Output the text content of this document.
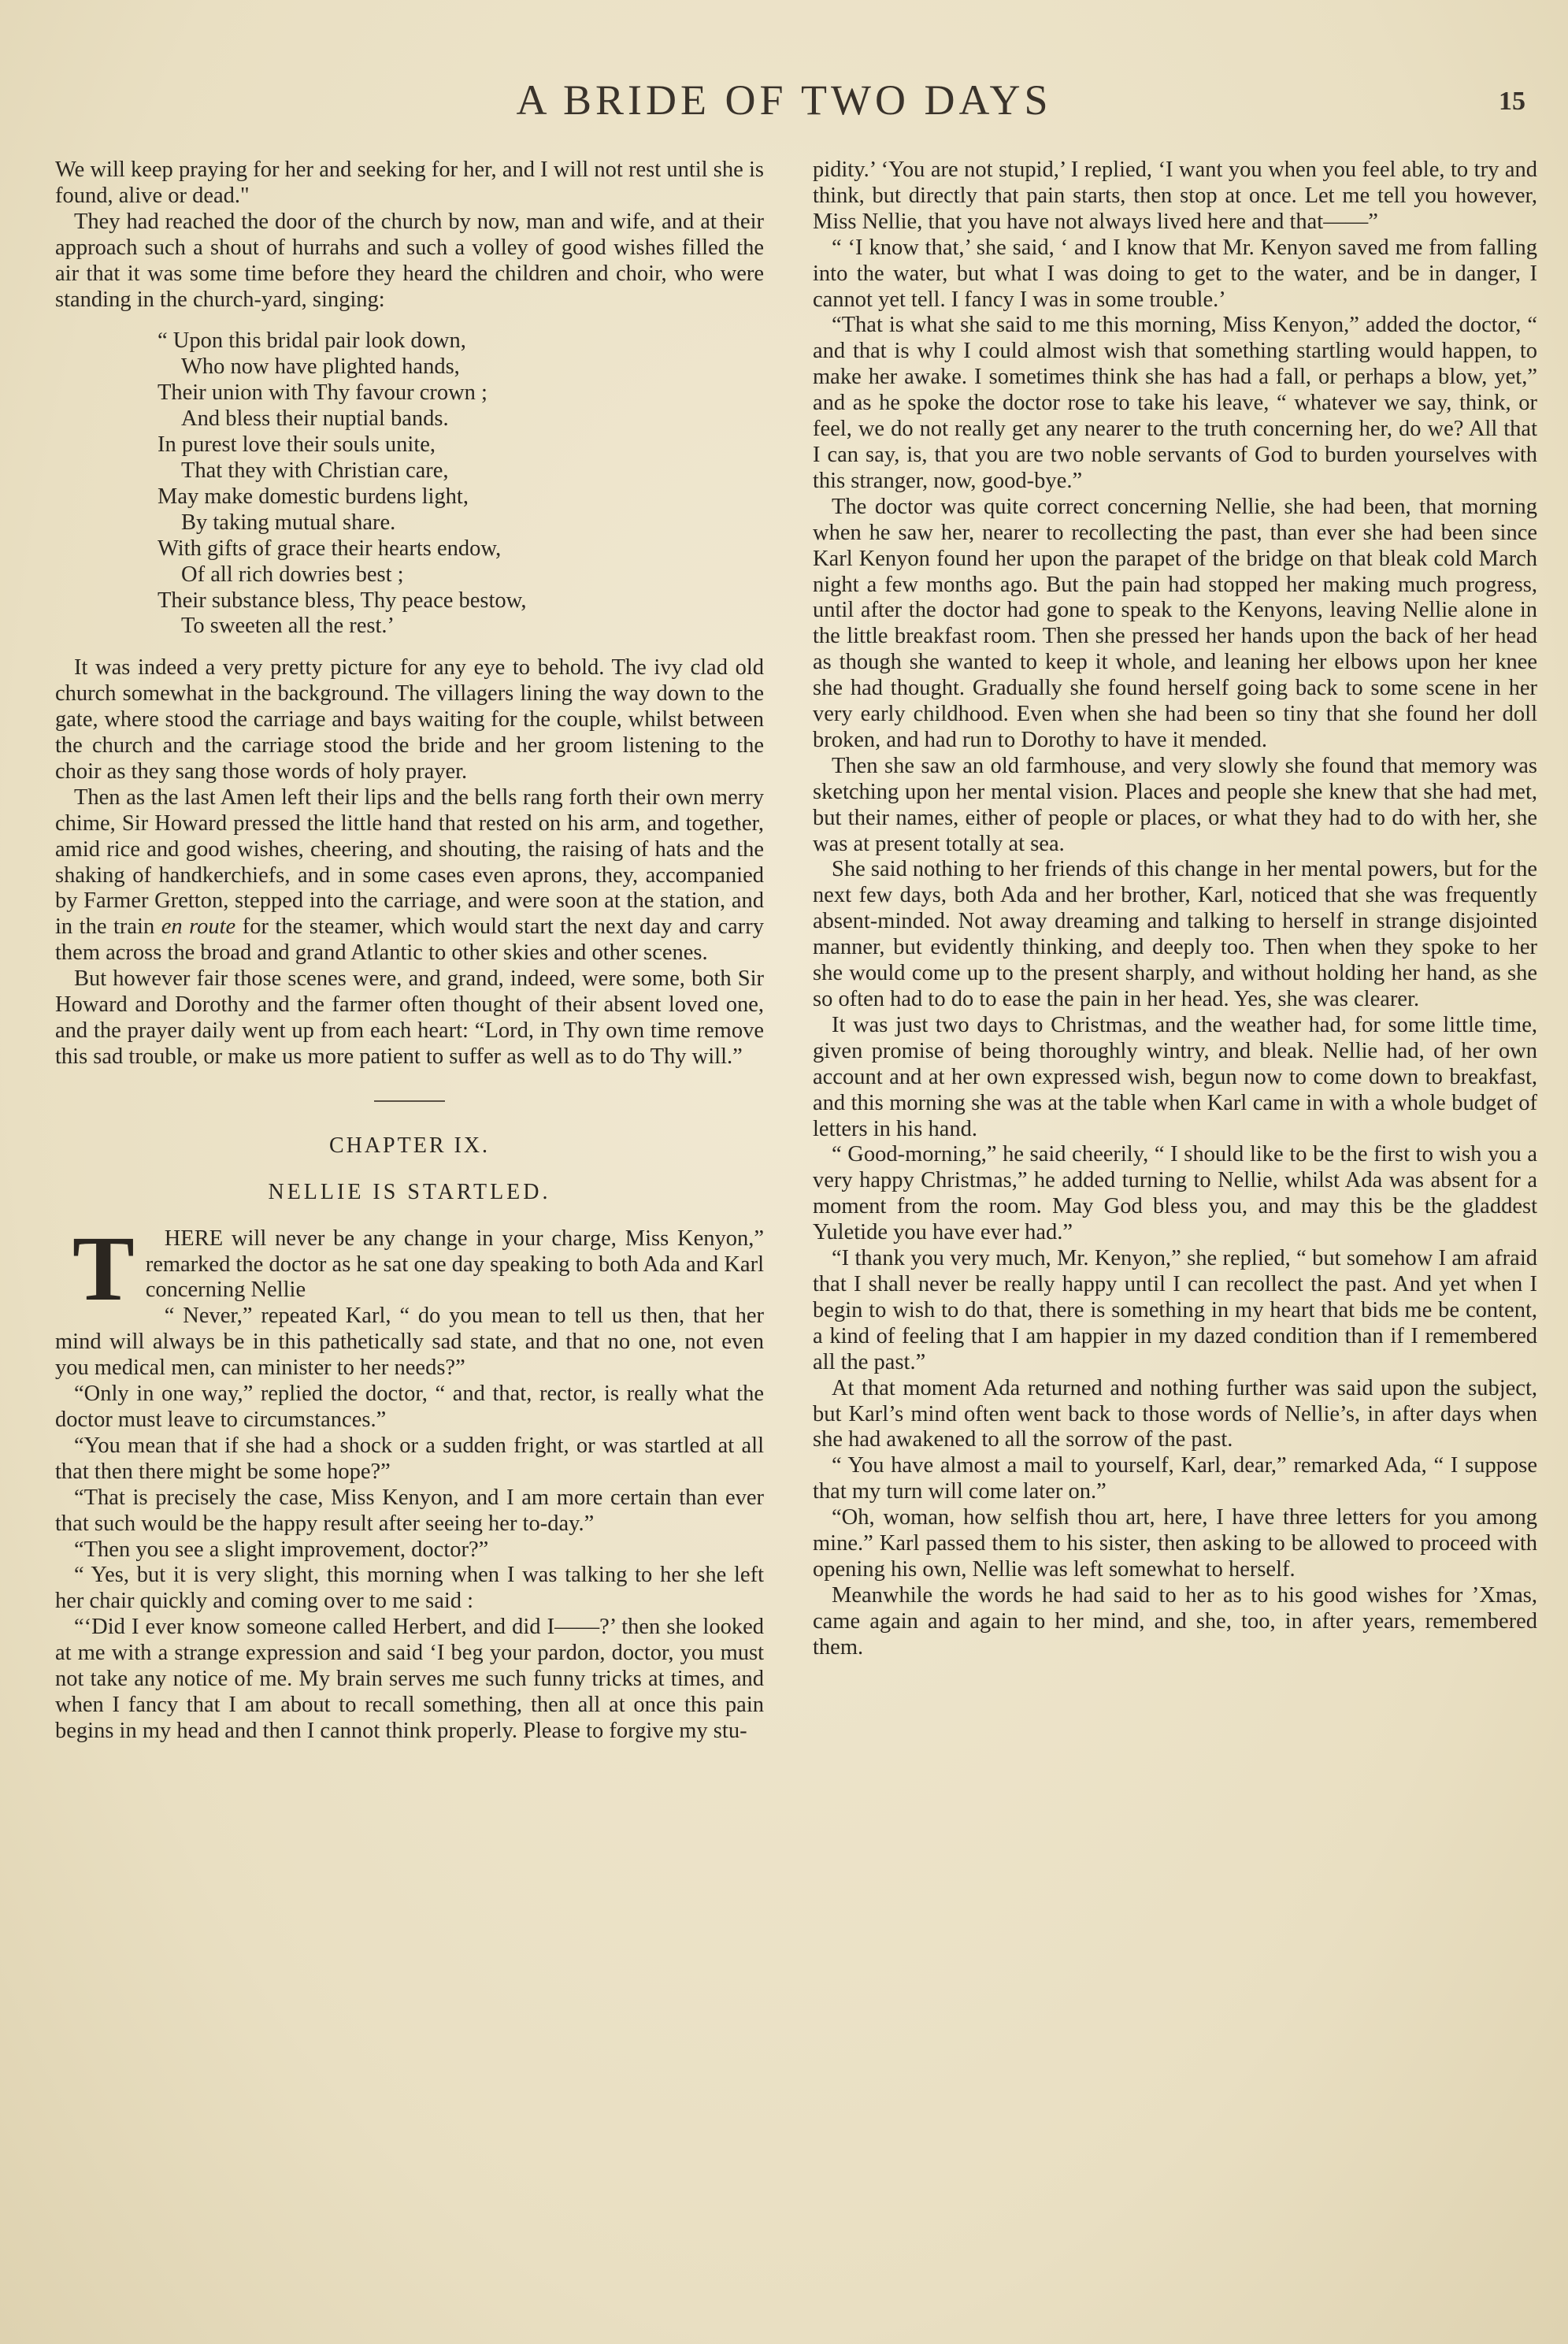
A BRIDE OF TWO DAYS	15

We will keep praying for her and seeking for her, and I will not rest until she is found, alive or dead."

They had reached the door of the church by now, man and wife, and at their approach such a shout of hurrahs and such a volley of good wishes filled the air that it was some time before they heard the children and choir, who were standing in the church-yard, singing:

“ Upon this bridal pair look down,
Who now have plighted hands,
Their union with Thy favour crown ;
And bless their nuptial bands.
In purest love their souls unite,
That they with Christian care,
May make domestic burdens light,
By taking mutual share.
With gifts of grace their hearts endow,
Of all rich dowries best ;
Their substance bless, Thy peace bestow,
To sweeten all the rest.’

It was indeed a very pretty picture for any eye to behold. The ivy clad old church somewhat in the background. The villagers lining the way down to the gate, where stood the carriage and bays waiting for the couple, whilst between the church and the carriage stood the bride and her groom listening to the choir as they sang those words of holy prayer.

Then as the last Amen left their lips and the bells rang forth their own merry chime, Sir Howard pressed the little hand that rested on his arm, and together, amid rice and good wishes, cheering, and shouting, the raising of hats and the shaking of handkerchiefs, and in some cases even aprons, they, accompanied by Farmer Gretton, stepped into the carriage, and were soon at the station, and in the train en route for the steamer, which would start the next day and carry them across the broad and grand Atlantic to other skies and other scenes.

But however fair those scenes were, and grand, indeed, were some, both Sir Howard and Dorothy and the farmer often thought of their absent loved one, and the prayer daily went up from each heart: “Lord, in Thy own time remove this sad trouble, or make us more patient to suffer as well as to do Thy will.”

CHAPTER IX.
NELLIE IS STARTLED.

T HERE will never be any change in your charge, Miss Kenyon,” remarked the doctor as he sat one day speaking to both Ada and Karl concerning Nellie

“ Never,” repeated Karl, “ do you mean to tell us then, that her mind will always be in this pathetically sad state, and that no one, not even you medical men, can minister to her needs?”

“Only in one way,” replied the doctor, “ and that, rector, is really what the doctor must leave to circumstances.”

“You mean that if she had a shock or a sudden fright, or was startled at all that then there might be some hope?”

“That is precisely the case, Miss Kenyon, and I am more certain than ever that such would be the happy result after seeing her to-day.”

“Then you see a slight improvement, doctor?”

“ Yes, but it is very slight, this morning when I was talking to her she left her chair quickly and coming over to me said :

“‘Did I ever know someone called Herbert, and did I——?’ then she looked at me with a strange expression and said ‘I beg your pardon, doctor, you must not take any notice of me. My brain serves me such funny tricks at times, and when I fancy that I am about to recall something, then all at once this pain begins in my head and then I cannot think properly. Please to forgive my stu-

pidity.’ ‘You are not stupid,’ I replied, ‘I want you when you feel able, to try and think, but directly that pain starts, then stop at once. Let me tell you however, Miss Nellie, that you have not always lived here and that——”

“ ‘I know that,’ she said, ‘ and I know that Mr. Kenyon saved me from falling into the water, but what I was doing to get to the water, and be in danger, I cannot yet tell. I fancy I was in some trouble.’

“That is what she said to me this morning, Miss Kenyon,” added the doctor, “ and that is why I could almost wish that something startling would happen, to make her awake. I sometimes think she has had a fall, or perhaps a blow, yet,” and as he spoke the doctor rose to take his leave, “ whatever we say, think, or feel, we do not really get any nearer to the truth concerning her, do we? All that I can say, is, that you are two noble servants of God to burden yourselves with this stranger, now, good-bye.”

The doctor was quite correct concerning Nellie, she had been, that morning when he saw her, nearer to recollecting the past, than ever she had been since Karl Kenyon found her upon the parapet of the bridge on that bleak cold March night a few months ago. But the pain had stopped her making much progress, until after the doctor had gone to speak to the Kenyons, leaving Nellie alone in the little breakfast room. Then she pressed her hands upon the back of her head as though she wanted to keep it whole, and leaning her elbows upon her knee she had thought. Gradually she found herself going back to some scene in her very early childhood. Even when she had been so tiny that she found her doll broken, and had run to Dorothy to have it mended.

Then she saw an old farmhouse, and very slowly she found that memory was sketching upon her mental vision. Places and people she knew that she had met, but their names, either of people or places, or what they had to do with her, she was at present totally at sea.

She said nothing to her friends of this change in her mental powers, but for the next few days, both Ada and her brother, Karl, noticed that she was frequently absent-minded. Not away dreaming and talking to herself in strange disjointed manner, but evidently thinking, and deeply too. Then when they spoke to her she would come up to the present sharply, and without holding her hand, as she so often had to do to ease the pain in her head. Yes, she was clearer.

It was just two days to Christmas, and the weather had, for some little time, given promise of being thoroughly wintry, and bleak. Nellie had, of her own account and at her own expressed wish, begun now to come down to breakfast, and this morning she was at the table when Karl came in with a whole budget of letters in his hand.

“ Good-morning,” he said cheerily, “ I should like to be the first to wish you a very happy Christmas,” he added turning to Nellie, whilst Ada was absent for a moment from the room. May God bless you, and may this be the gladdest Yuletide you have ever had.”

“I thank you very much, Mr. Kenyon,” she replied, “ but somehow I am afraid that I shall never be really happy until I can recollect the past. And yet when I begin to wish to do that, there is something in my heart that bids me be content, a kind of feeling that I am happier in my dazed condition than if I remembered all the past.”

At that moment Ada returned and nothing further was said upon the subject, but Karl’s mind often went back to those words of Nellie’s, in after days when she had awakened to all the sorrow of the past.

“ You have almost a mail to yourself, Karl, dear,” remarked Ada, “ I suppose that my turn will come later on.”

“Oh, woman, how selfish thou art, here, I have three letters for you among mine.” Karl passed them to his sister, then asking to be allowed to proceed with opening his own, Nellie was left somewhat to herself.

Meanwhile the words he had said to her as to his good wishes for ’Xmas, came again and again to her mind, and she, too, in after years, remembered them.
